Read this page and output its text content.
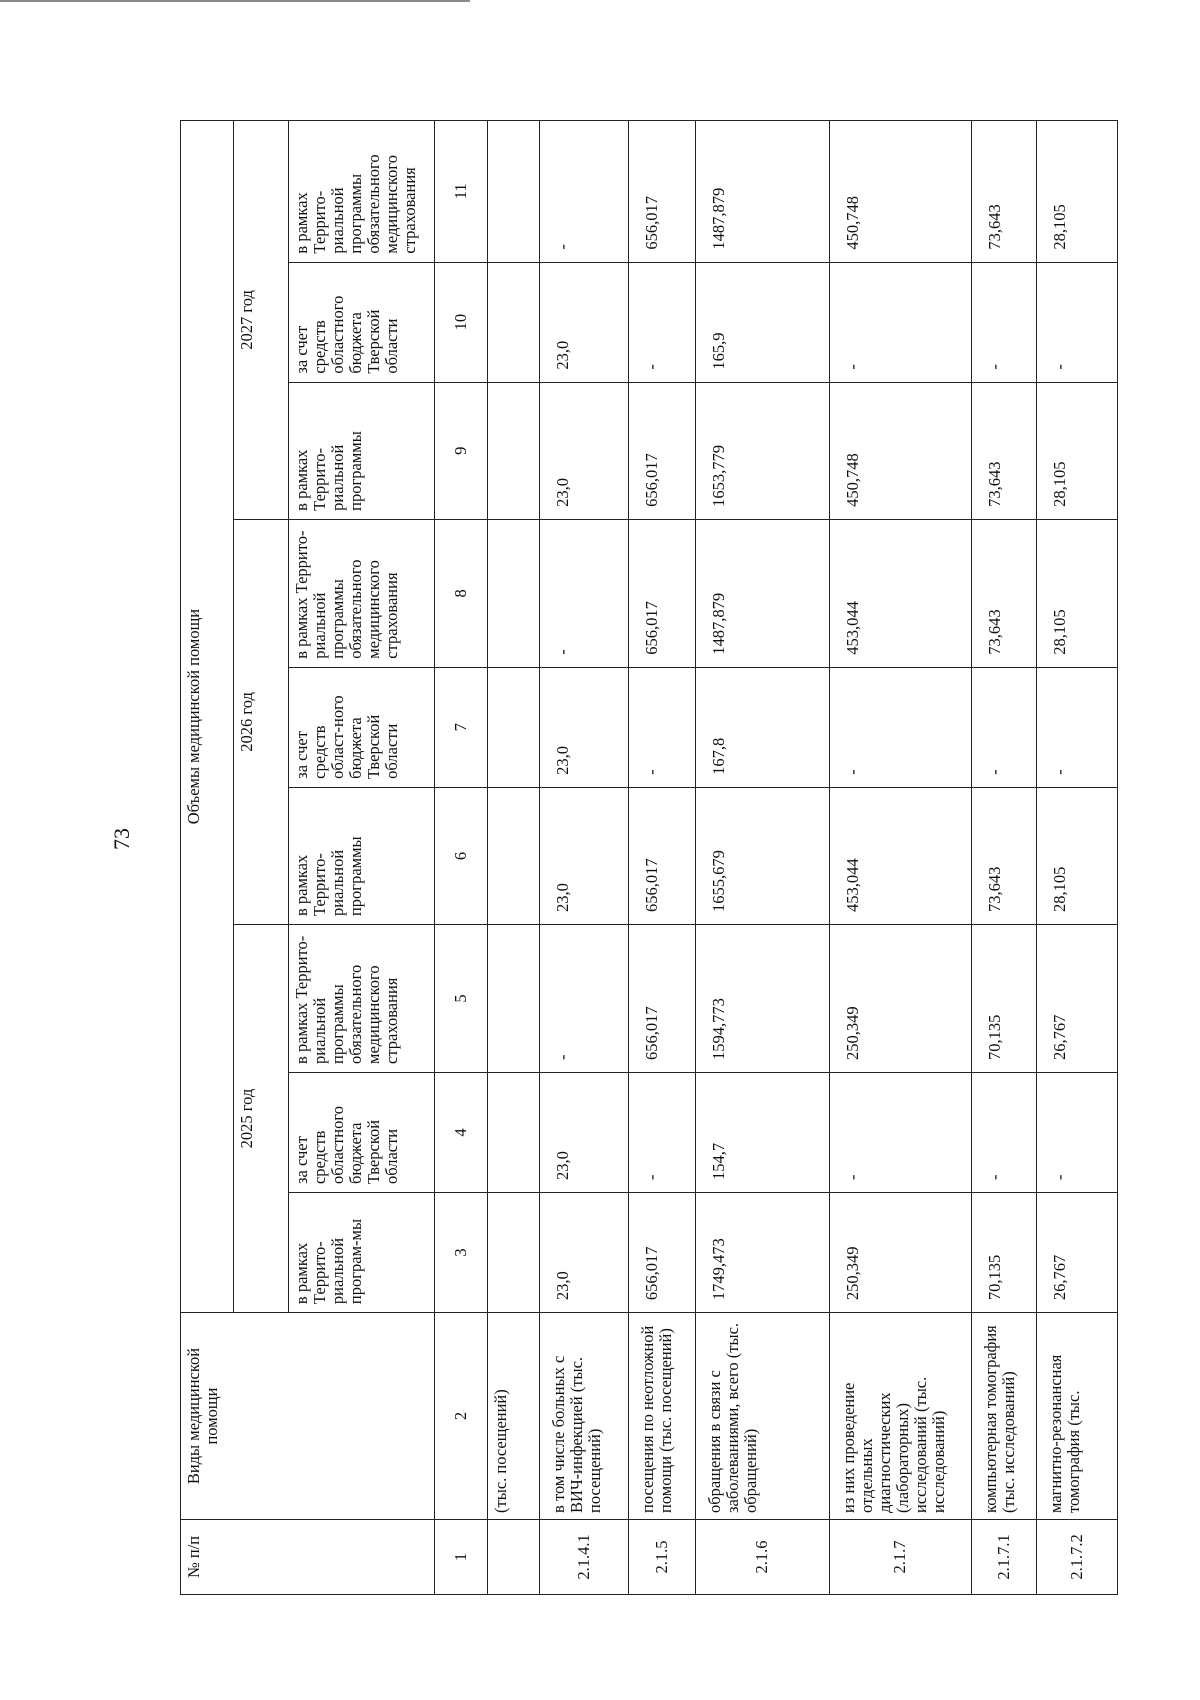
73
№ п/п	Виды медицинской помощи	Объемы медицинской помощи								
		2025 год			2026 год			2027 год		
		в рамках Террито-риальной програм-мы	за счет средств областного бюджета Тверской области	в рамках Террито-риальной программы обязательного медицинского страхования	в рамках Террито-риальной программы	за счет средств област-ного бюджета Тверской области	в рамках Террито-риальной программы обязательного медицинского страхования	в рамках Террито-риальной программы	за счет средств областного бюджета Тверской области	в рамках Террито-риальной программы обязательного медицинского страхования
1	2	3	4	5	6	7	8	9	10	11
	(тыс. посещений)									
2.1.4.1	в том числе больных с ВИЧ-инфекцией (тыс. посещений)	23,0	23,0	-	23,0	23,0	-	23,0	23,0	-
2.1.5	посещения по неотложной помощи (тыс. посещений)	656,017	-	656,017	656,017	-	656,017	656,017	-	656,017
2.1.6	обращения в связи с заболеваниями, всего (тыс. обращений)	1749,473	154,7	1594,773	1655,679	167,8	1487,879	1653,779	165,9	1487,879
2.1.7	из них проведение отдельных диагностических (лабораторных) исследований (тыс. исследований)	250,349	-	250,349	453,044	-	453,044	450,748	-	450,748
2.1.7.1	компьютерная томография (тыс. исследований)	70,135	-	70,135	73,643	-	73,643	73,643	-	73,643
2.1.7.2	магнитно-резонансная томография (тыс.	26,767	-	26,767	28,105	-	28,105	28,105	-	28,105
